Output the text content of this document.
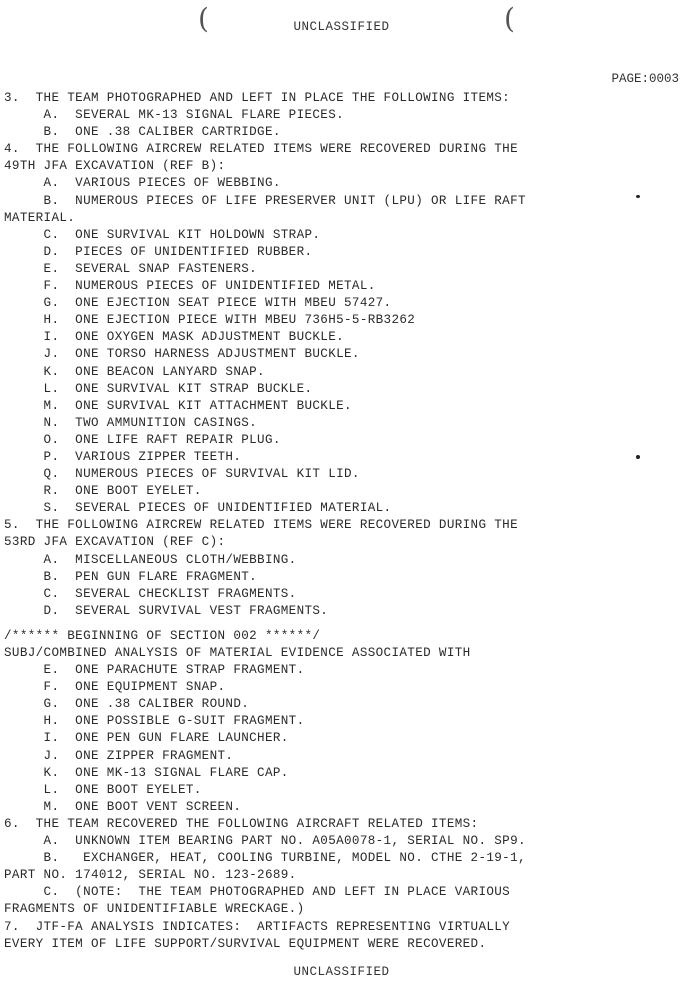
(	(
UNCLASSIFIED
PAGE:0003
3.  THE TEAM PHOTOGRAPHED AND LEFT IN PLACE THE FOLLOWING ITEMS:
A.  SEVERAL MK-13 SIGNAL FLARE PIECES.
B.  ONE .38 CALIBER CARTRIDGE.
4.  THE FOLLOWING AIRCREW RELATED ITEMS WERE RECOVERED DURING THE
49TH JFA EXCAVATION (REF B):
A.  VARIOUS PIECES OF WEBBING.
B.  NUMEROUS PIECES OF LIFE PRESERVER UNIT (LPU) OR LIFE RAFT
MATERIAL.
C.  ONE SURVIVAL KIT HOLDOWN STRAP.
D.  PIECES OF UNIDENTIFIED RUBBER.
E.  SEVERAL SNAP FASTENERS.
F.  NUMEROUS PIECES OF UNIDENTIFIED METAL.
G.  ONE EJECTION SEAT PIECE WITH MBEU 57427.
H.  ONE EJECTION PIECE WITH MBEU 736H5-5-RB3262
I.  ONE OXYGEN MASK ADJUSTMENT BUCKLE.
J.  ONE TORSO HARNESS ADJUSTMENT BUCKLE.
K.  ONE BEACON LANYARD SNAP.
L.  ONE SURVIVAL KIT STRAP BUCKLE.
M.  ONE SURVIVAL KIT ATTACHMENT BUCKLE.
N.  TWO AMMUNITION CASINGS.
O.  ONE LIFE RAFT REPAIR PLUG.
P.  VARIOUS ZIPPER TEETH.
Q.  NUMEROUS PIECES OF SURVIVAL KIT LID.
R.  ONE BOOT EYELET.
S.  SEVERAL PIECES OF UNIDENTIFIED MATERIAL.
5.  THE FOLLOWING AIRCREW RELATED ITEMS WERE RECOVERED DURING THE
53RD JFA EXCAVATION (REF C):
A.  MISCELLANEOUS CLOTH/WEBBING.
B.  PEN GUN FLARE FRAGMENT.
C.  SEVERAL CHECKLIST FRAGMENTS.
D.  SEVERAL SURVIVAL VEST FRAGMENTS.
/****** BEGINNING OF SECTION 002 ******/
SUBJ/COMBINED ANALYSIS OF MATERIAL EVIDENCE ASSOCIATED WITH
E.  ONE PARACHUTE STRAP FRAGMENT.
F.  ONE EQUIPMENT SNAP.
G.  ONE .38 CALIBER ROUND.
H.  ONE POSSIBLE G-SUIT FRAGMENT.
I.  ONE PEN GUN FLARE LAUNCHER.
J.  ONE ZIPPER FRAGMENT.
K.  ONE MK-13 SIGNAL FLARE CAP.
L.  ONE BOOT EYELET.
M.  ONE BOOT VENT SCREEN.
6.  THE TEAM RECOVERED THE FOLLOWING AIRCRAFT RELATED ITEMS:
A.  UNKNOWN ITEM BEARING PART NO. A05A0078-1, SERIAL NO. SP9.
B.   EXCHANGER, HEAT, COOLING TURBINE, MODEL NO. CTHE 2-19-1,
PART NO. 174012, SERIAL NO. 123-2689.
C.  (NOTE:  THE TEAM PHOTOGRAPHED AND LEFT IN PLACE VARIOUS
FRAGMENTS OF UNIDENTIFIABLE WRECKAGE.)
7.  JTF-FA ANALYSIS INDICATES:  ARTIFACTS REPRESENTING VIRTUALLY
EVERY ITEM OF LIFE SUPPORT/SURVIVAL EQUIPMENT WERE RECOVERED.
UNCLASSIFIED
